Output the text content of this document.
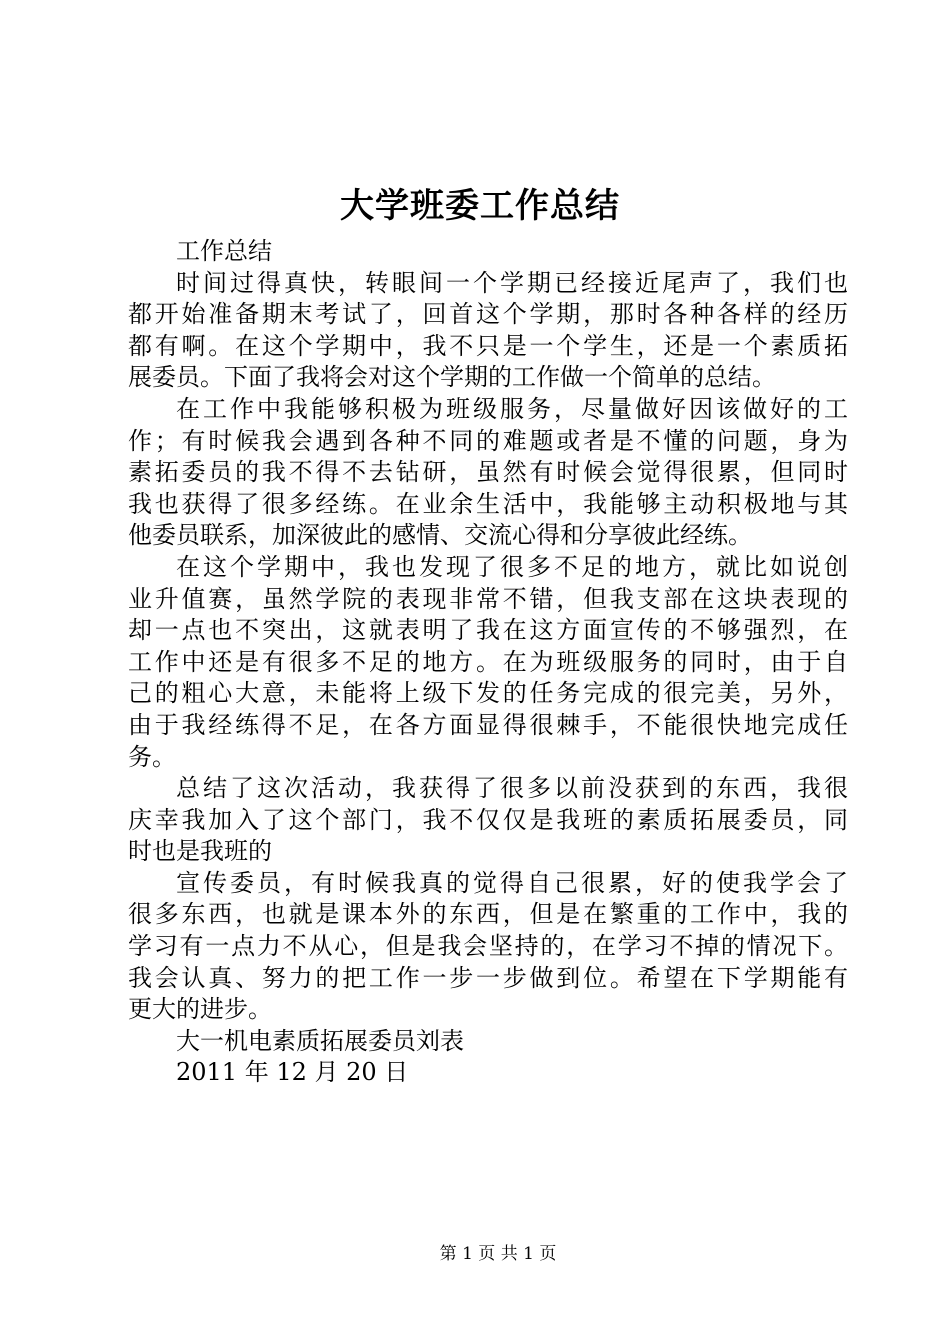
大学班委工作总结
工作总结
时间过得真快，转眼间一个学期已经接近尾声了，我们也
都开始准备期末考试了，回首这个学期，那时各种各样的经历
都有啊。在这个学期中，我不只是一个学生，还是一个素质拓
展委员。下面了我将会对这个学期的工作做一个简单的总结。
在工作中我能够积极为班级服务，尽量做好因该做好的工
作；有时候我会遇到各种不同的难题或者是不懂的问题，身为
素拓委员的我不得不去钻研，虽然有时候会觉得很累，但同时
我也获得了很多经练。在业余生活中，我能够主动积极地与其
他委员联系，加深彼此的感情、交流心得和分享彼此经练。
在这个学期中，我也发现了很多不足的地方，就比如说创
业升值赛，虽然学院的表现非常不错，但我支部在这块表现的
却一点也不突出，这就表明了我在这方面宣传的不够强烈，在
工作中还是有很多不足的地方。在为班级服务的同时，由于自
己的粗心大意，未能将上级下发的任务完成的很完美，另外，
由于我经练得不足，在各方面显得很棘手，不能很快地完成任
务。
总结了这次活动，我获得了很多以前没获到的东西，我很
庆幸我加入了这个部门，我不仅仅是我班的素质拓展委员，同
时也是我班的
宣传委员，有时候我真的觉得自己很累，好的使我学会了
很多东西，也就是课本外的东西，但是在繁重的工作中，我的
学习有一点力不从心，但是我会坚持的，在学习不掉的情况下。
我会认真、努力的把工作一步一步做到位。希望在下学期能有
更大的进步。
大一机电素质拓展委员刘表
2011 年 12 月 20 日
第 1 页 共 1 页
